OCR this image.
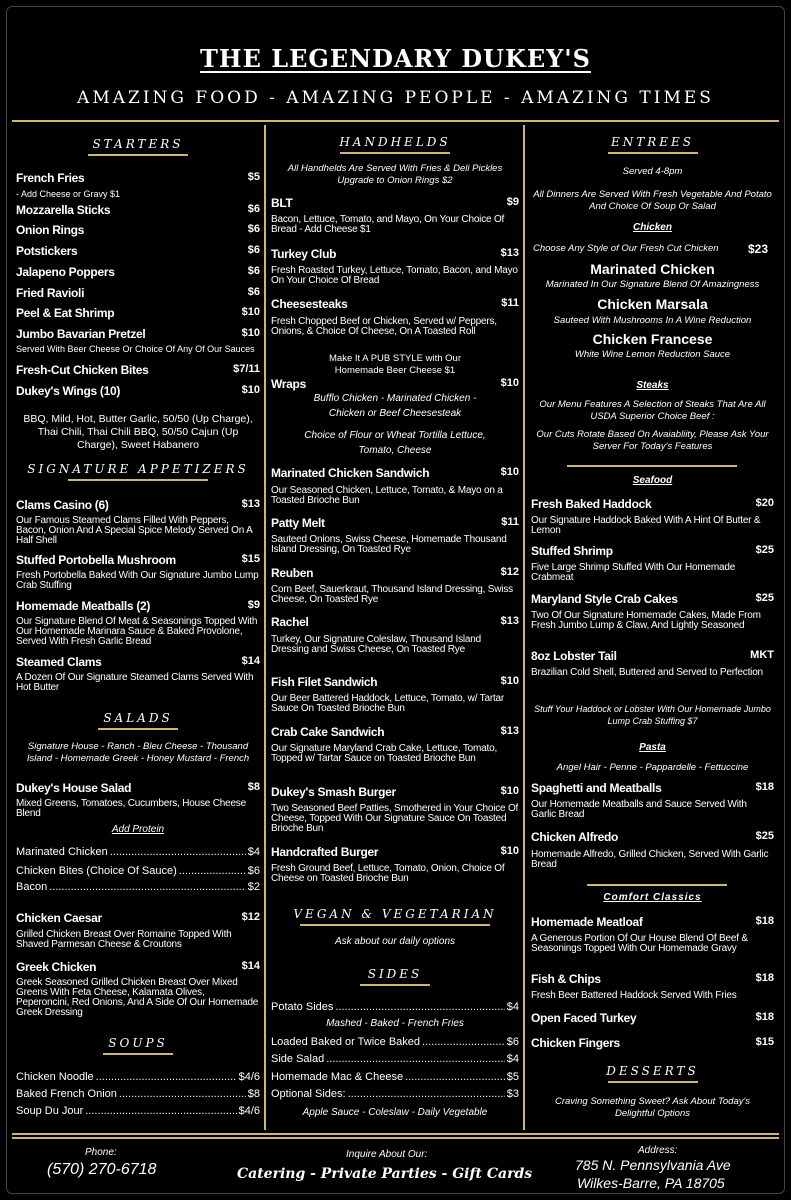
THE LEGENDARY DUKEY'S
AMAZING FOOD - AMAZING PEOPLE - AMAZING TIMES
STARTERS
French Fries	$5
- Add Cheese or Gravy $1
Mozzarella Sticks	$6
Onion Rings	$6
Potstickers	$6
Jalapeno Poppers	$6
Fried Ravioli	$6
Peel & Eat Shrimp	$10
Jumbo Bavarian Pretzel	$10
Served With Beer Cheese Or Choice Of Any Of Our Sauces
Fresh-Cut Chicken Bites	$7/11
Dukey's Wings (10)	$10
BBQ, Mild, Hot, Butter Garlic, 50/50 (Up Charge), Thai Chili, Thai Chili BBQ, 50/50 Cajun (Up Charge), Sweet Habanero
SIGNATURE APPETIZERS
Clams Casino (6)	$13
Our Famous Steamed Clams Filled With Peppers, Bacon, Onion And A Special Spice Melody Served On A Half Shell
Stuffed Portobella Mushroom	$15
Fresh Portobella Baked With Our Signature Jumbo Lump Crab Stuffing
Homemade Meatballs (2)	$9
Our Signature Blend Of Meat & Seasonings Topped With Our Homemade Marinara Sauce & Baked Provolone, Served With Fresh Garlic Bread
Steamed Clams	$14
A Dozen Of Our Signature Steamed Clams Served With Hot Butter
SALADS
Signature House - Ranch - Bleu Cheese - Thousand Island - Homemade Greek - Honey Mustard - French
Dukey's House Salad	$8
Mixed Greens, Tomatoes, Cucumbers, House Cheese Blend
Add Protein
Marinated Chicken .....	$4
Chicken Bites (Choice Of Sauce) .....	$6
Bacon .....	$2
Chicken Caesar	$12
Grilled Chicken Breast Over Romaine Topped With Shaved Parmesan Cheese & Croutons
Greek Chicken	$14
Greek Seasoned Grilled Chicken Breast Over Mixed Greens With Feta Cheese, Kalamata Olives, Peperoncini, Red Onions, And A Side Of Our Homemade Greek Dressing
SOUPS
Chicken Noodle .....	$4/6
Baked French Onion .....	$8
Soup Du Jour .....	$4/6
HANDHELDS
All Handhelds Are Served With Fries & Deli Pickles Upgrade to Onion Rings $2
BLT	$9
Bacon, Lettuce, Tomato, and Mayo, On Your Choice Of Bread - Add Cheese $1
Turkey Club	$13
Fresh Roasted Turkey, Lettuce, Tomato, Bacon, and Mayo On Your Choice Of Bread
Cheesesteaks	$11
Fresh Chopped Beef or Chicken, Served w/ Peppers, Onions, & Choice Of Cheese, On A Toasted Roll
Make It A PUB STYLE with Our Homemade Beer Cheese $1
Wraps	$10
Bufflo Chicken - Marinated Chicken - Chicken or Beef Cheesesteak
Choice of Flour or Wheat Tortilla Lettuce, Tomato, Cheese
Marinated Chicken Sandwich	$10
Our Seasoned Chicken, Lettuce, Tomato, & Mayo on a Toasted Brioche Bun
Patty Melt	$11
Sauteed Onions, Swiss Cheese, Homemade Thousand Island Dressing, On Toasted Rye
Reuben	$12
Corn Beef, Sauerkraut, Thousand Island Dressing, Swiss Cheese, On Toasted Rye
Rachel	$13
Turkey, Our Signature Coleslaw, Thousand Island Dressing and Swiss Cheese, On Toasted Rye
Fish Filet Sandwich	$10
Our Beer Battered Haddock, Lettuce, Tomato, w/ Tartar Sauce On Toasted Brioche Bun
Crab Cake Sandwich	$13
Our Signature Maryland Crab Cake, Lettuce, Tomato, Topped w/ Tartar Sauce on Toasted Brioche Bun
Dukey's Smash Burger	$10
Two Seasoned Beef Patties, Smothered in Your Choice Of Cheese, Topped With Our Signature Sauce On Toasted Brioche Bun
Handcrafted Burger	$10
Fresh Ground Beef, Lettuce, Tomato, Onion, Choice Of Cheese on Toasted Brioche Bun
VEGAN & VEGETARIAN
Ask about our daily options
SIDES
Potato Sides .....	$4
Mashed - Baked - French Fries
Loaded Baked or Twice Baked .....	$6
Side Salad .....	$4
Homemade Mac & Cheese .....	$5
Optional Sides: .....	$3
Apple Sauce - Coleslaw - Daily Vegetable
ENTREES
Served 4-8pm
All Dinners Are Served With Fresh Vegetable And Potato And Choice Of Soup Or Salad
Chicken
Choose Any Style of Our Fresh Cut Chicken	$23
Marinated Chicken
Marinated In Our Signature Blend Of Amazingness
Chicken Marsala
Sauteed With Mushrooms In A Wine Reduction
Chicken Francese
White Wine Lemon Reduction Sauce
Steaks
Our Menu Features A Selection of Steaks That Are All USDA Superior Choice Beef :
Our Cuts Rotate Based On Avaiabliity, Please Ask Your Server For Today's Features
Seafood
Fresh Baked Haddock	$20
Our Signature Haddock Baked With A Hint Of Butter & Lemon
Stuffed Shrimp	$25
Five Large Shrimp Stuffed With Our Homemade Crabmeat
Maryland Style Crab Cakes	$25
Two Of Our Signature Homemade Cakes, Made From Fresh Jumbo Lump & Claw, And Lightly Seasoned
8oz Lobster Tail	MKT
Brazilian Cold Shell, Buttered and Served to Perfection
Stuff Your Haddock or Lobster With Our Homemade Jumbo Lump Crab Stuffing $7
Pasta
Angel Hair - Penne - Pappardelle - Fettuccine
Spaghetti and Meatballs	$18
Our Homemade Meatballs and Sauce Served With Garlic Bread
Chicken Alfredo	$25
Homemade Alfredo, Grilled Chicken, Served With Garlic Bread
Comfort Classics
Homemade Meatloaf	$18
A Generous Portion Of Our House Blend Of Beef & Seasonings Topped With Our Homemade Gravy
Fish & Chips	$18
Fresh Beer Battered Haddock Served With Fries
Open Faced Turkey	$18
Chicken Fingers	$15
DESSERTS
Craving Something Sweet? Ask About Today's Delightful Options
Phone:
(570) 270-6718
Inquire About Our:
Catering - Private Parties - Gift Cards
Address:
785 N. Pennsylvania Ave
Wilkes-Barre, PA 18705
